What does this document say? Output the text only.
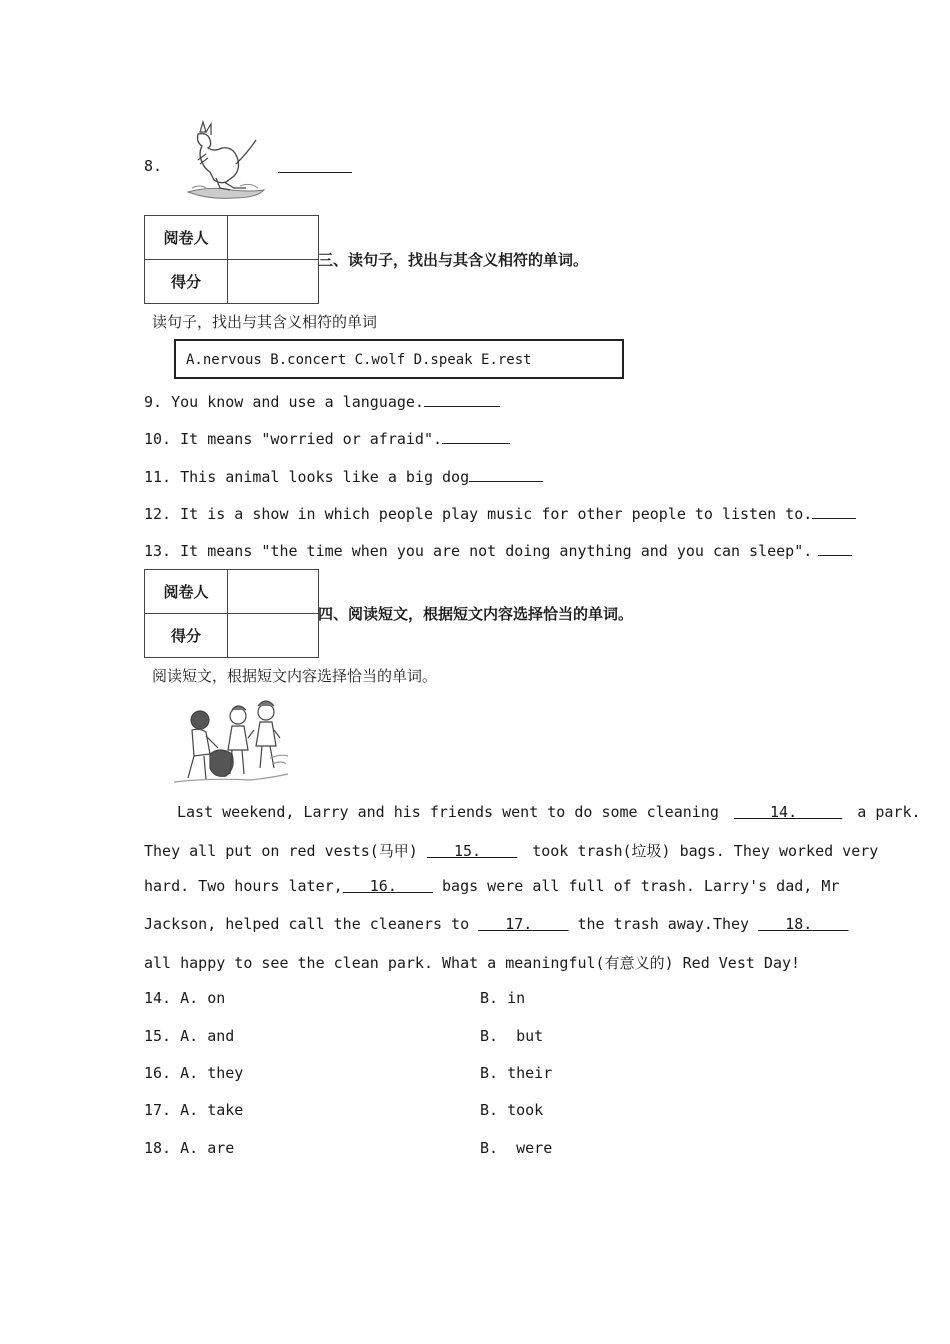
8.
阅卷人	
得分	
三、读句子，找出与其含义相符的单词。
读句子，找出与其含义相符的单词
A.nervous B.concert C.wolf D.speak E.rest
9. You know and use a language.
10. It means "worried or afraid".
11. This animal looks like a big dog
12. It is a show in which people play music for other people to listen to.
13. It means "the time when you are not doing anything and you can sleep".
阅卷人	
得分	
四、阅读短文，根据短文内容选择恰当的单词。
阅读短文，根据短文内容选择恰当的单词。
Last weekend, Larry and his friends went to do some cleaning	14.	a park.
They all put on red vests(马甲) 15.	took trash(垃圾) bags. They worked very
hard. Two hours later, 16.	bags were all full of trash. Larry's dad, Mr
Jackson, helped call the cleaners to 17.	the trash away.They 18.
all happy to see the clean park. What a meaningful(有意义的) Red Vest Day!
14. A. on	B. in
15. A. and	B.  but
16. A. they	B. their
17. A. take	B. took
18. A. are	B.  were
